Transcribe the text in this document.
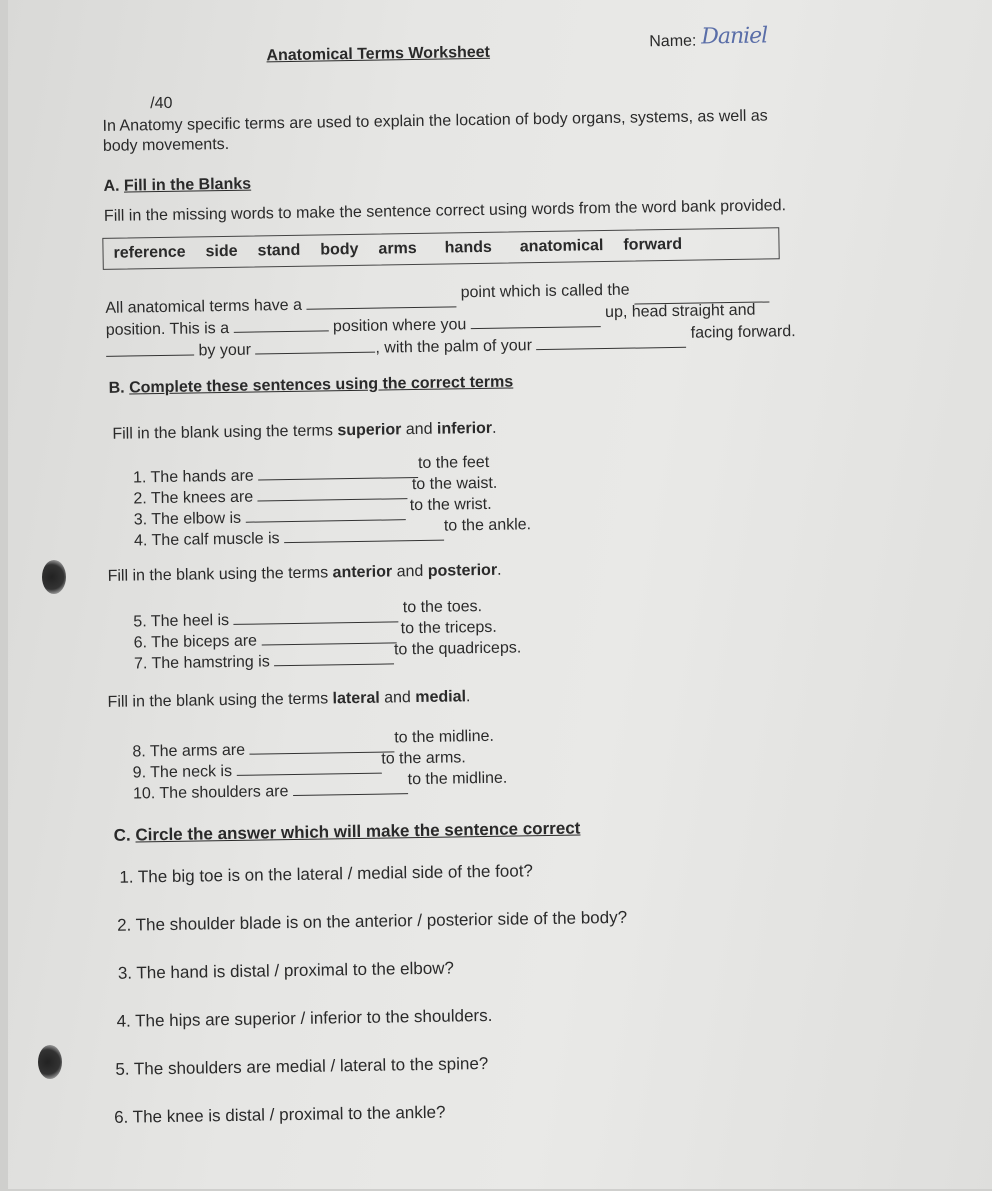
Anatomical Terms Worksheet
Name: Daniel
/40
In Anatomy specific terms are used to explain the location of body organs, systems, as well as
body movements.
A. Fill in the Blanks
Fill in the missing words to make the sentence correct using words from the word bank provided.
reference side stand body arms hands anatomical forward
All anatomical terms have a  point which is called the
position. This is a	position where you  up, head straight and
by your	, with the palm of your  facing forward.
B. Complete these sentences using the correct terms
Fill in the blank using the terms superior and inferior.
1. The hands are to the feet
2. The knees are  to the waist.
3. The elbow is  to the wrist.
4. The calf muscle is to the ankle.
Fill in the blank using the terms anterior and posterior.
5. The heel is  to the toes.
6. The biceps are  to the triceps.
7. The hamstring is to the quadriceps.
Fill in the blank using the terms lateral and medial.
8. The arms are to the midline.
9. The neck is to the arms.
10. The shoulders are to the midline.
C. Circle the answer which will make the sentence correct
1. The big toe is on the lateral / medial side of the foot?
2. The shoulder blade is on the anterior / posterior side of the body?
3. The hand is distal / proximal to the elbow?
4. The hips are superior / inferior to the shoulders.
5. The shoulders are medial / lateral to the spine?
6. The knee is distal / proximal to the ankle?
